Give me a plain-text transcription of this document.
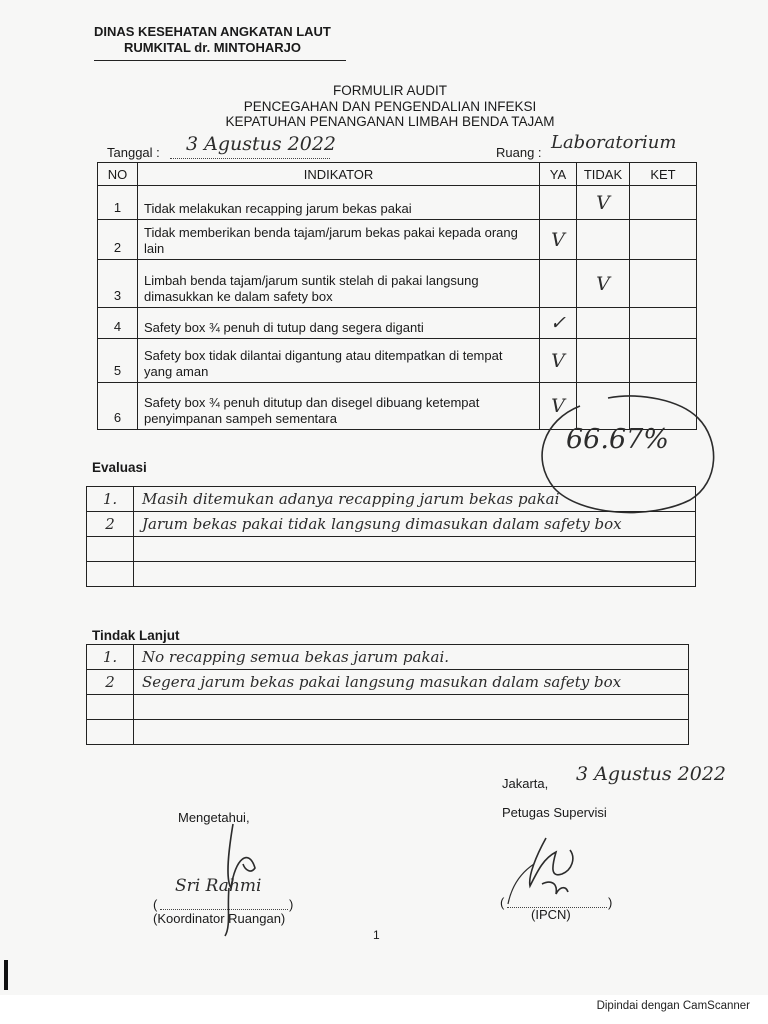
DINAS KESEHATAN ANGKATAN LAUT
RUMKITAL dr. MINTOHARJO
FORMULIR AUDIT
PENCEGAHAN DAN PENGENDALIAN INFEKSI
KEPATUHAN PENANGANAN LIMBAH BENDA TAJAM
Tanggal : 3 Agustus 2022	Ruang : Laboratorium
NO	INDIKATOR	YA	TIDAK	KET
1	Tidak melakukan recapping jarum bekas pakai		V	
2	Tidak memberikan benda tajam/jarum bekas pakai kepada orang lain	V		
3	Limbah benda tajam/jarum suntik stelah di pakai langsung dimasukkan ke dalam safety box		V	
4	Safety box ¾ penuh di tutup dang segera diganti	✓		
5	Safety box tidak dilantai digantung atau ditempatkan di tempat yang aman	V		
6	Safety box ¾ penuh ditutup dan disegel dibuang ketempat penyimpanan sampeh sementara	V		
66.67%
Evaluasi
1.	Masih ditemukan adanya recapping jarum bekas pakai
2	Jarum bekas pakai tidak langsung dimasukan dalam safety box

Tindak Lanjut
1.	No recapping semua bekas jarum pakai.
2	Segera jarum bekas pakai langsung masukan dalam safety box

Jakarta, 3 Agustus 2022
Mengetahui,	Petugas Supervisi
Sri Rahmi
(	)
(Koordinator Ruangan)
(	)
(IPCN)
1
Dipindai dengan CamScanner
